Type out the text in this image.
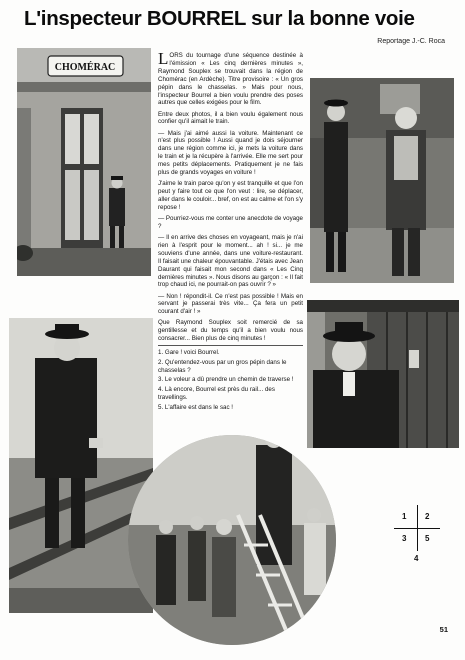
L'inspecteur BOURREL sur la bonne voie
Reportage J.-C. Roca
CHOMÉRAC	LORS du tournage d'une séquence destinée à l'émission « Les cinq dernières minutes », Raymond Souplex se trouvait dans la région de Chomérac (en Ardèche). Titre provisoire : « Un gros pépin dans le chasselas. » Mais pour nous, l'inspecteur Bourrel a bien voulu prendre des poses autres que celles exigées pour le film.

Entre deux photos, il a bien voulu également nous confier qu'il aimait le train.

— Mais j'ai aimé aussi la voiture. Maintenant ce n'est plus possible ! Aussi quand je dois séjourner dans une région comme ici, je mets la voiture dans le train et je la récupère à l'arrivée. Elle me sert pour mes petits déplacements. Pratiquement je ne fais plus de grands voyages en voiture !

J'aime le train parce qu'on y est tranquille et que l'on peut y faire tout ce que l'on veut : lire, se déplacer, aller dans le couloir... bref, on est au calme et l'on s'y repose !

— Pourriez-vous me conter une anecdote de voyage ?

— Il en arrive des choses en voyageant, mais je n'ai rien à l'esprit pour le moment... ah ! si... je me souviens d'une année, dans une voiture-restaurant. Il faisait une chaleur épouvantable. J'étais avec Jean Daurant qui faisait mon second dans « Les Cinq dernières minutes ». Nous disons au garçon : « Il fait trop chaud ici, ne pourrait-on pas ouvrir ? »

— Non ! répondit-il. Ce n'est pas possible ! Mais en servant je passerai très vite... Ça fera un petit courant d'air ! »

Que Raymond Souplex soit remercié de sa gentillesse et du temps qu'il a bien voulu nous consacrer... Bien plus de cinq minutes !

1. Gare ! voici Bourrel.
2. Qu'entendez-vous par un gros pépin dans le chasselas ?
3. Le voleur a dû prendre un chemin de traverse !
4. Là encore, Bourrel est près du rail... des travellings.
5. L'affaire est dans le sac !
1 2
3 5
4
51
